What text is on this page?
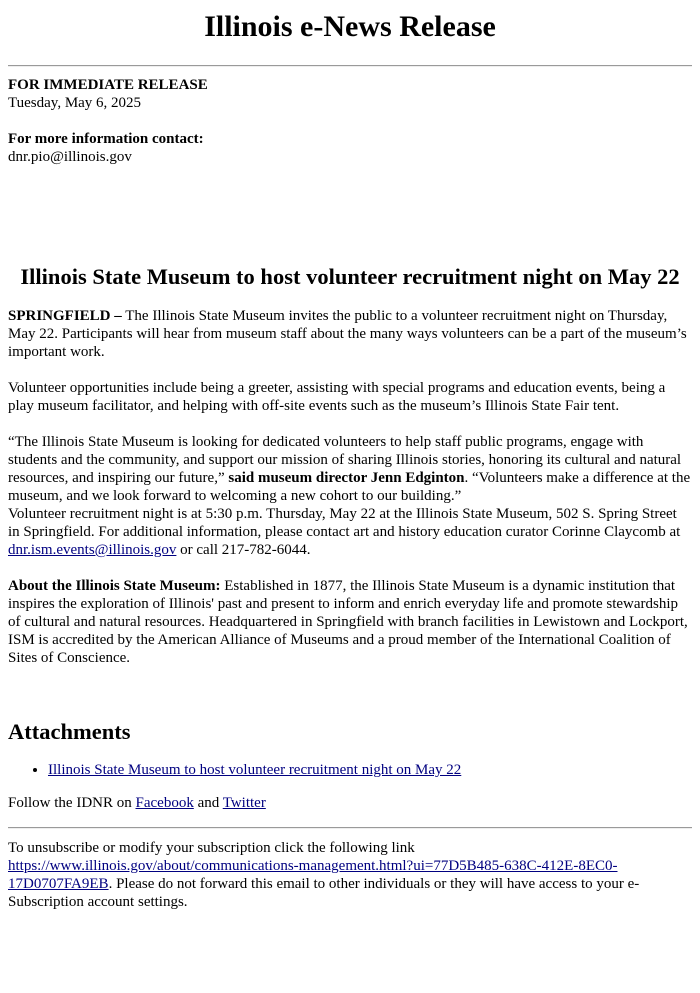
Illinois e-News Release
FOR IMMEDIATE RELEASE
Tuesday, May 6, 2025
For more information contact:
dnr.pio@illinois.gov
Illinois State Museum to host volunteer recruitment night on May 22

SPRINGFIELD – The Illinois State Museum invites the public to a volunteer recruitment night on Thursday, May 22. Participants will hear from museum staff about the many ways volunteers can be a part of the museum’s important work.

Volunteer opportunities include being a greeter, assisting with special programs and education events, being a play museum facilitator, and helping with off-site events such as the museum’s Illinois State Fair tent.

“The Illinois State Museum is looking for dedicated volunteers to help staff public programs, engage with students and the community, and support our mission of sharing Illinois stories, honoring its cultural and natural resources, and inspiring our future,” said museum director Jenn Edginton. “Volunteers make a difference at the museum, and we look forward to welcoming a new cohort to our building.”

Volunteer recruitment night is at 5:30 p.m. Thursday, May 22 at the Illinois State Museum, 502 S. Spring Street in Springfield. For additional information, please contact art and history education curator Corinne Claycomb at dnr.ism.events@illinois.gov or call 217-782-6044.

About the Illinois State Museum: Established in 1877, the Illinois State Museum is a dynamic institution that inspires the exploration of Illinois' past and present to inform and enrich everyday life and promote stewardship of cultural and natural resources. Headquartered in Springfield with branch facilities in Lewistown and Lockport, ISM is accredited by the American Alliance of Museums and a proud member of the International Coalition of Sites of Conscience.

Attachments
• Illinois State Museum to host volunteer recruitment night on May 22
Follow the IDNR on Facebook and Twitter
To unsubscribe or modify your subscription click the following link https://www.illinois.gov/about/communications-management.html?ui=77D5B485-638C-412E-8EC0-17D0707FA9EB. Please do not forward this email to other individuals or they will have access to your e-Subscription account settings.
